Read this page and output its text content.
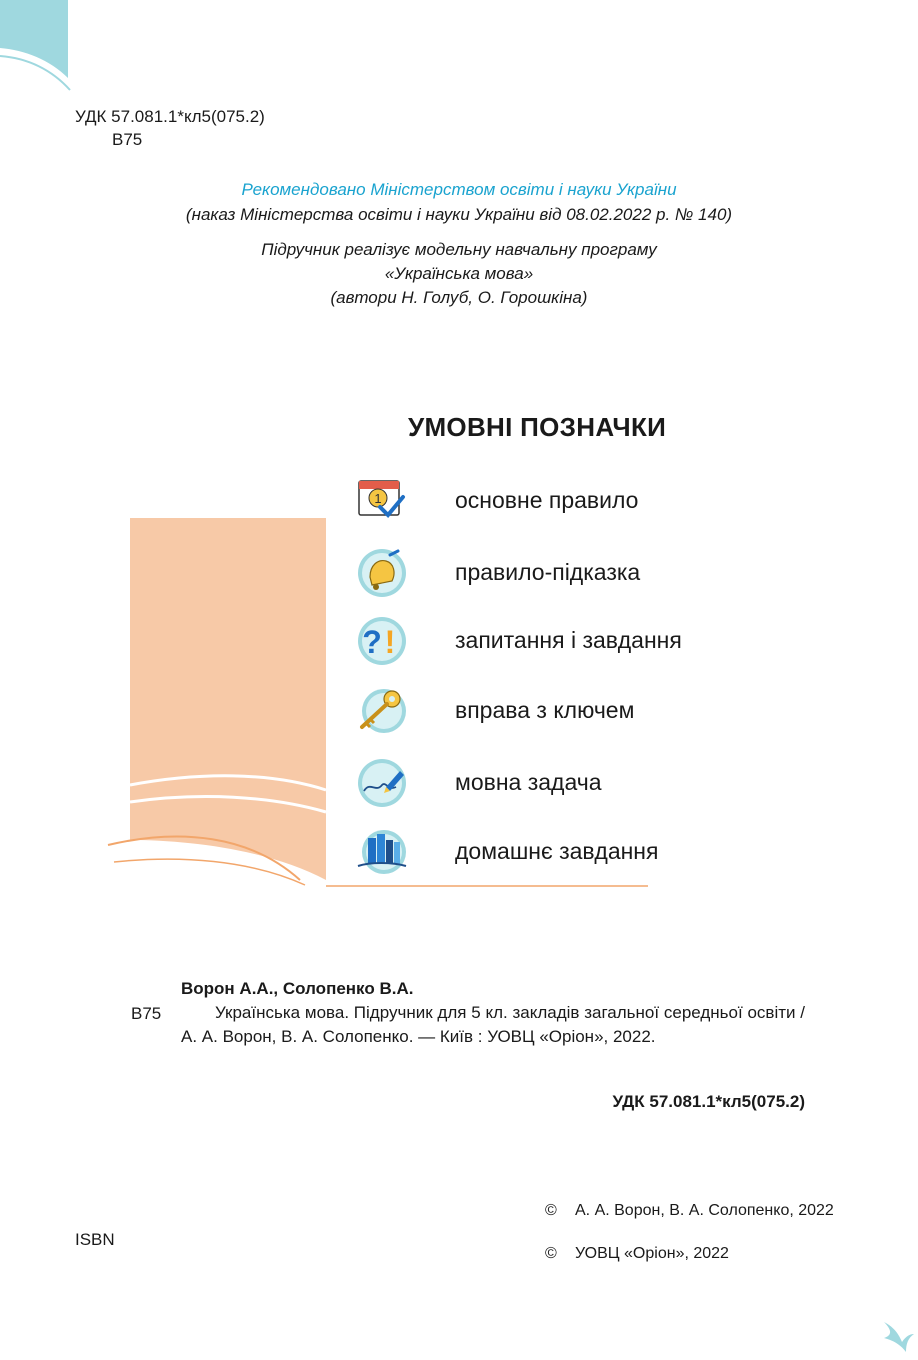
УДК 57.081.1*кл5(075.2)
В75
Рекомендовано Міністерством освіти і науки України
(наказ Міністерства освіти і науки України від 08.02.2022 р. № 140)
Підручник реалізує модельну навчальну програму
«Українська мова»
(автори Н. Голуб, О. Горошкіна)
УМОВНІ ПОЗНАЧКИ
1	основне правило
правило-підказка
? !	запитання і завдання
вправа з ключем
мовна задача
домашнє завдання
Ворон А.А., Солопенко В.А.
В75	Українська мова. Підручник для 5 кл. закладів загальної середньої освіти / А. А. Ворон, В. А. Солопенко. — Київ : УОВЦ «Оріон», 2022.
УДК 57.081.1*кл5(075.2)
ISBN
© А. А. Ворон, В. А. Солопенко, 2022
© УОВЦ «Оріон», 2022
